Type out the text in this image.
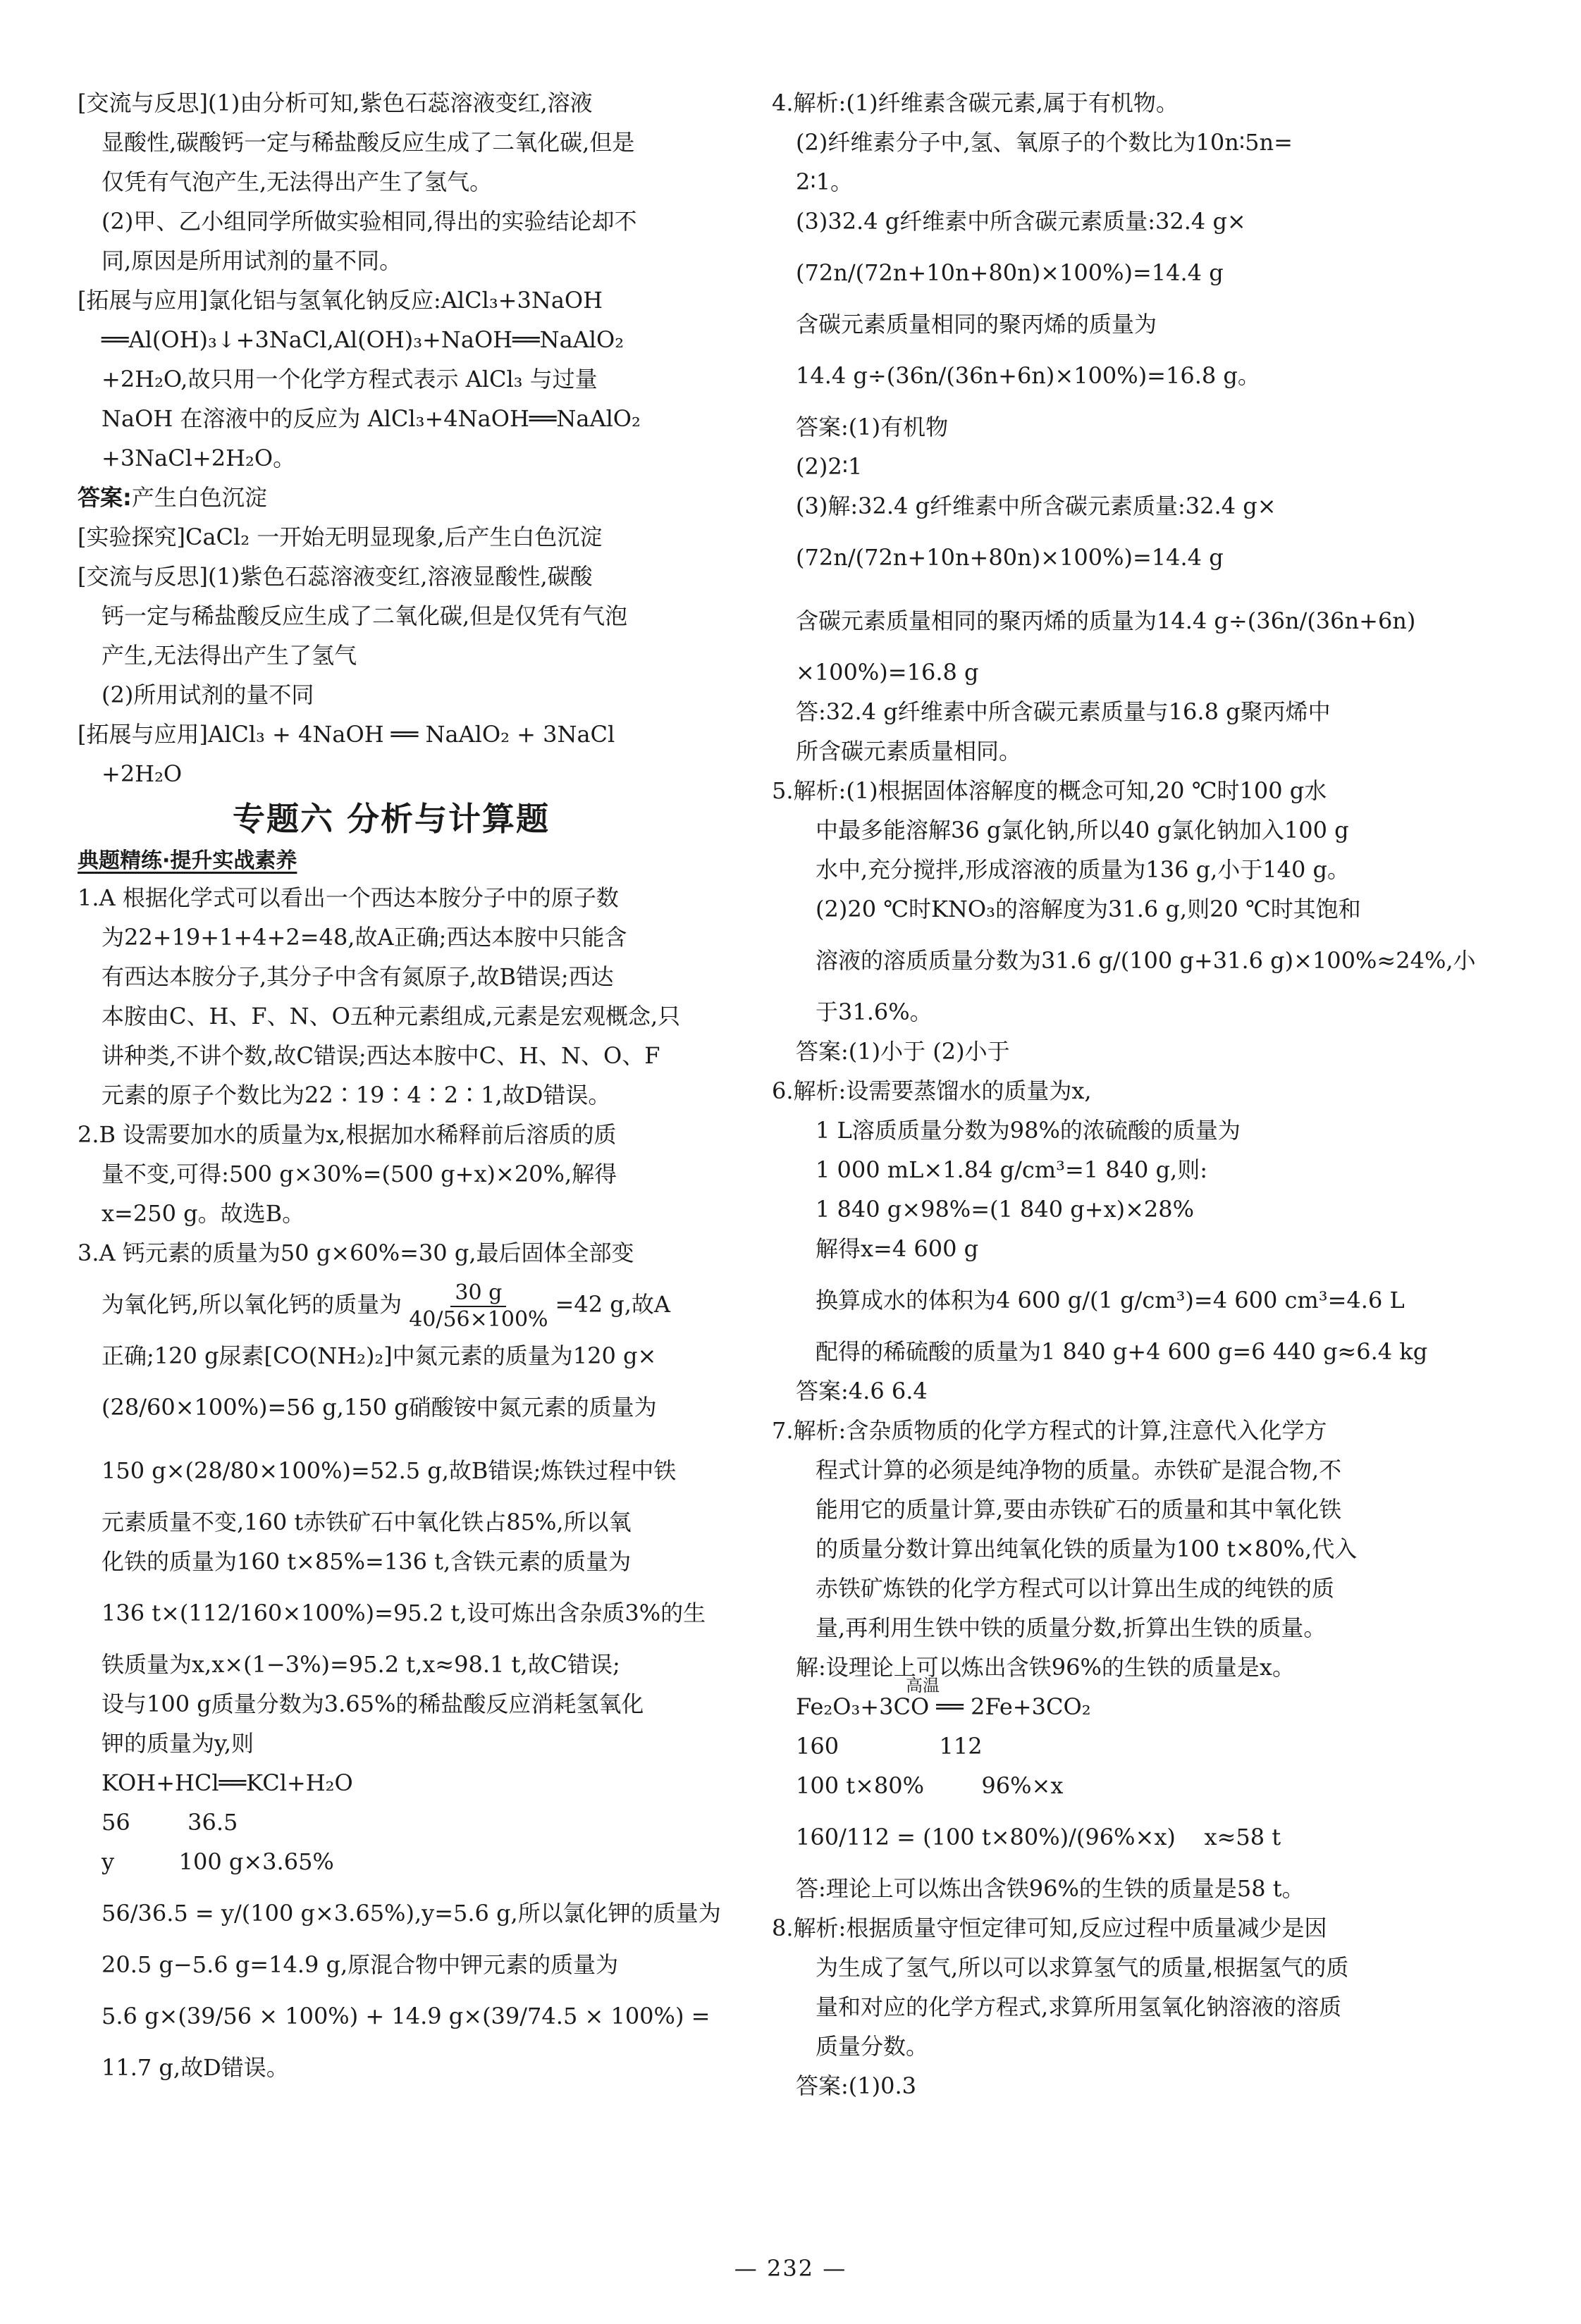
[交流与反思](1)由分析可知,紫色石蕊溶液变红,溶液
显酸性,碳酸钙一定与稀盐酸反应生成了二氧化碳,但是
仅凭有气泡产生,无法得出产生了氢气。
(2)甲、乙小组同学所做实验相同,得出的实验结论却不
同,原因是所用试剂的量不同。
[拓展与应用]氯化铝与氢氧化钠反应:AlCl₃+3NaOH
══Al(OH)₃↓+3NaCl,Al(OH)₃+NaOH══NaAlO₂
+2H₂O,故只用一个化学方程式表示 AlCl₃ 与过量
NaOH 在溶液中的反应为 AlCl₃+4NaOH══NaAlO₂
+3NaCl+2H₂O。
答案:产生白色沉淀
[实验探究]CaCl₂ 一开始无明显现象,后产生白色沉淀
[交流与反思](1)紫色石蕊溶液变红,溶液显酸性,碳酸
钙一定与稀盐酸反应生成了二氧化碳,但是仅凭有气泡
产生,无法得出产生了氢气
(2)所用试剂的量不同
[拓展与应用]AlCl₃ + 4NaOH ══ NaAlO₂ + 3NaCl
+2H₂O
专题六 分析与计算题
典题精练·提升实战素养
1.A 根据化学式可以看出一个西达本胺分子中的原子数
为22+19+1+4+2=48,故A正确;西达本胺中只能含
有西达本胺分子,其分子中含有氮原子,故B错误;西达
本胺由C、H、F、N、O五种元素组成,元素是宏观概念,只
讲种类,不讲个数,故C错误;西达本胺中C、H、N、O、F
元素的原子个数比为22∶19∶4∶2∶1,故D错误。
2.B 设需要加水的质量为x,根据加水稀释前后溶质的质
量不变,可得:500 g×30%=(500 g+x)×20%,解得
x=250 g。故选B。
3.A 钙元素的质量为50 g×60%=30 g,最后固体全部变
为氧化钙,所以氧化钙的质量为 $\frac{30 g}{40/56\times 100\%} =42$ g,故A
正确;120 g尿素[CO(NH₂)₂]中氮元素的质量为120 g×
(28/60×100%)=56 g,150 g硝酸铵中氮元素的质量为
150 g×(28/80×100%)=52.5 g,故B错误;炼铁过程中铁
元素质量不变,160 t赤铁矿石中氧化铁占85%,所以氧
化铁的质量为160 t×85%=136 t,含铁元素的质量为
136 t×(112/160×100%)=95.2 t,设可炼出含杂质3%的生
铁质量为x,x×(1−3%)=95.2 t,x≈98.1 t,故C错误;
设与100 g质量分数为3.65%的稀盐酸反应消耗氢氧化
钾的质量为y,则
KOH+HCl══KCl+H₂O
56        36.5
y         100 g×3.65%
56/36.5 = y/(100 g×3.65%),y=5.6 g,所以氯化钾的质量为
20.5 g−5.6 g=14.9 g,原混合物中钾元素的质量为
5.6 g×(39/56 × 100%) + 14.9 g×(39/74.5 × 100%) =
11.7 g,故D错误。
4.解析:(1)纤维素含碳元素,属于有机物。
(2)纤维素分子中,氢、氧原子的个数比为10n∶5n=
2∶1。
(3)32.4 g纤维素中所含碳元素质量:32.4 g×
(72n/(72n+10n+80n)×100%)=14.4 g
含碳元素质量相同的聚丙烯的质量为
14.4 g÷(36n/(36n+6n)×100%)=16.8 g。
答案:(1)有机物
(2)2∶1
(3)解:32.4 g纤维素中所含碳元素质量:32.4 g×
(72n/(72n+10n+80n)×100%)=14.4 g
含碳元素质量相同的聚丙烯的质量为14.4 g÷(36n/(36n+6n)
×100%)=16.8 g
答:32.4 g纤维素中所含碳元素质量与16.8 g聚丙烯中
所含碳元素质量相同。
5.解析:(1)根据固体溶解度的概念可知,20 ℃时100 g水
中最多能溶解36 g氯化钠,所以40 g氯化钠加入100 g
水中,充分搅拌,形成溶液的质量为136 g,小于140 g。
(2)20 ℃时KNO₃的溶解度为31.6 g,则20 ℃时其饱和
溶液的溶质质量分数为31.6 g/(100 g+31.6 g)×100%≈24%,小
于31.6%。
答案:(1)小于 (2)小于
6.解析:设需要蒸馏水的质量为x,
1 L溶质质量分数为98%的浓硫酸的质量为
1 000 mL×1.84 g/cm³=1 840 g,则:
1 840 g×98%=(1 840 g+x)×28%
解得x=4 600 g
换算成水的体积为4 600 g/(1 g/cm³)=4 600 cm³=4.6 L
配得的稀硫酸的质量为1 840 g+4 600 g=6 440 g≈6.4 kg
答案:4.6 6.4
7.解析:含杂质物质的化学方程式的计算,注意代入化学方
程式计算的必须是纯净物的质量。赤铁矿是混合物,不
能用它的质量计算,要由赤铁矿石的质量和其中氧化铁
的质量分数计算出纯氧化铁的质量为100 t×80%,代入
赤铁矿炼铁的化学方程式可以计算出生成的纯铁的质
量,再利用生铁中铁的质量分数,折算出生铁的质量。
解:设理论上可以炼出含铁96%的生铁的质量是x。
Fe₂O₃+3CO ══ 2Fe+3CO₂
高温
160              112
100 t×80%        96%×x
160/112 = (100 t×80%)/(96%×x)    x≈58 t
答:理论上可以炼出含铁96%的生铁的质量是58 t。
8.解析:根据质量守恒定律可知,反应过程中质量减少是因
为生成了氢气,所以可以求算氢气的质量,根据氢气的质
量和对应的化学方程式,求算所用氢氧化钠溶液的溶质
质量分数。
答案:(1)0.3
— 232 —
